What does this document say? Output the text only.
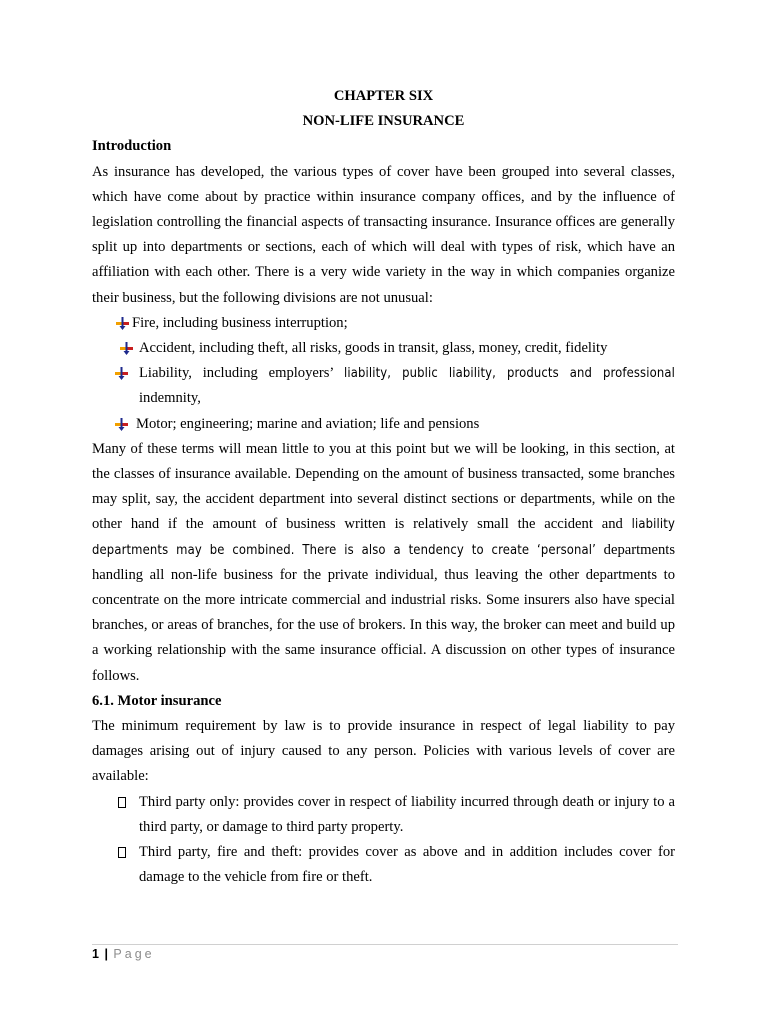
CHAPTER SIX
NON-LIFE INSURANCE
Introduction
As insurance has developed, the various types of cover have been grouped into several classes, which have come about by practice within insurance company offices, and by the influence of legislation controlling the financial aspects of transacting insurance. Insurance offices are generally split up into departments or sections, each of which will deal with types of risk, which have an affiliation with each other. There is a very wide variety in the way in which companies organize their business, but the following divisions are not unusual:
Fire, including business interruption;
Accident, including theft, all risks, goods in transit, glass, money, credit, fidelity
Liability, including employers’ liability, public liability, products and professional indemnity,
Motor; engineering; marine and aviation; life and pensions
Many of these terms will mean little to you at this point but we will be looking, in this section, at the classes of insurance available. Depending on the amount of business transacted, some branches may split, say, the accident department into several distinct sections or departments, while on the other hand if the amount of business written is relatively small the accident and liability departments may be combined. There is also a tendency to create ‘personal’ departments handling all non-life business for the private individual, thus leaving the other departments to concentrate on the more intricate commercial and industrial risks. Some insurers also have special branches, or areas of branches, for the use of brokers. In this way, the broker can meet and build up a working relationship with the same insurance official. A discussion on other types of insurance follows.
6.1. Motor insurance
The minimum requirement by law is to provide insurance in respect of legal liability to pay damages arising out of injury caused to any person. Policies with various levels of cover are available:
Third party only: provides cover in respect of liability incurred through death or injury to a third party, or damage to third party property.
Third party, fire and theft: provides cover as above and in addition includes cover for damage to the vehicle from fire or theft.
1 | Page
